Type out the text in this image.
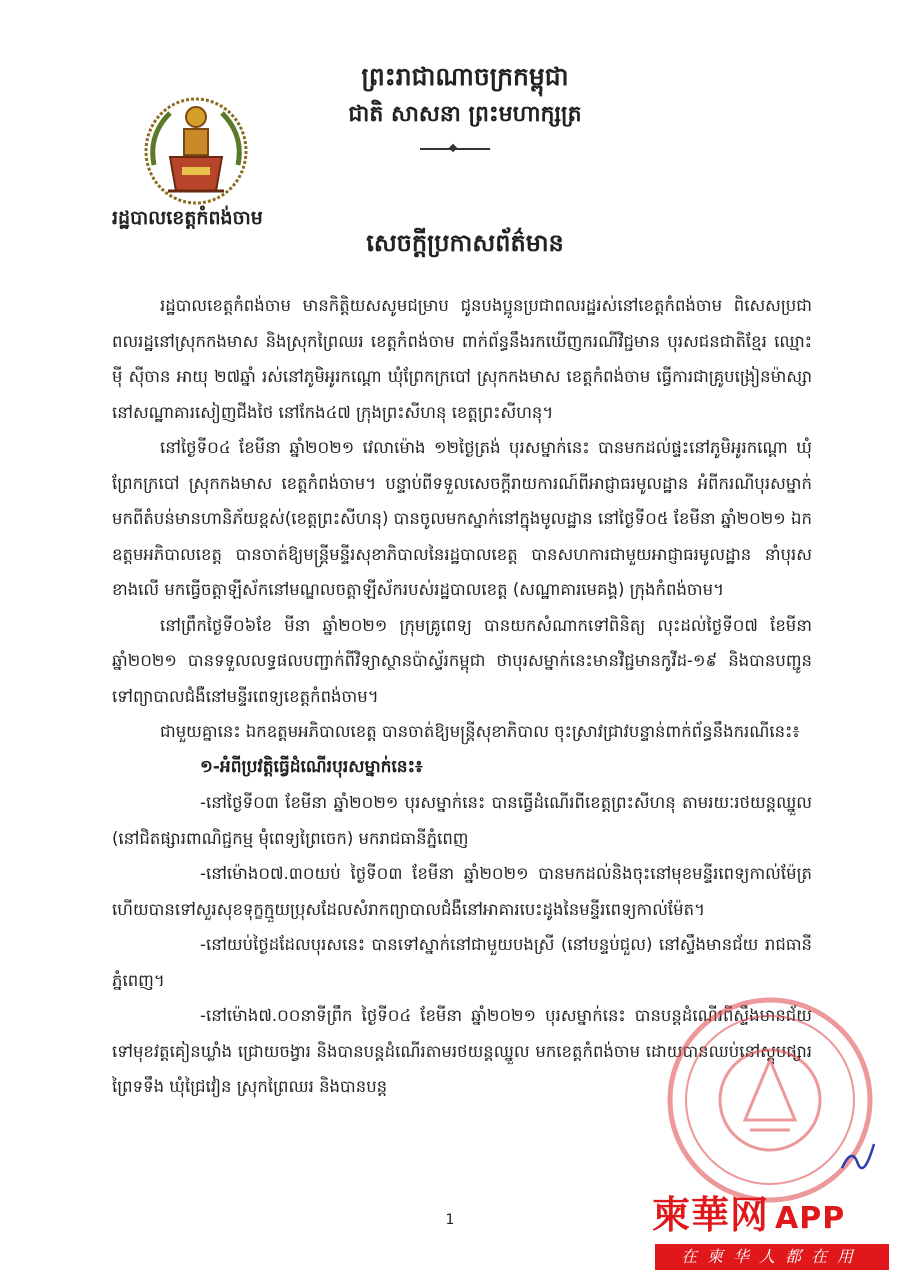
ព្រះរាជាណាចក្រកម្ពុជា
ជាតិ សាសនា ព្រះមហាក្សត្រ
រដ្ឋបាលខេត្តកំពង់ចាម
សេចក្តីប្រកាសព័ត៌មាន

រដ្ឋបាលខេត្តកំពង់ចាម មានកិត្តិយសសូមជម្រាប ជូនបងប្អូនប្រជាពលរដ្ឋរស់នៅខេត្តកំពង់ចាម ពិសេសប្រជាពលរដ្ឋនៅស្រុកកងមាស និងស្រុកព្រៃឈរ ខេត្តកំពង់ចាម ពាក់ព័ន្ធនឹងរកឃើញករណីវិជ្ជមាន បុរសជនជាតិខ្មែរ ឈ្មោះ ម៉ី ស៊ីចាន អាយុ ២៧ឆ្នាំ រស់នៅភូមិអូរកណ្ដោ ឃុំព្រែកក្របៅ ស្រុកកងមាស ខេត្តកំពង់ចាម ធ្វើការជាគ្រូបង្រៀនម៉ាស្សា នៅសណ្ឋាគារសៀញជីងថៃ នៅកែង៤៧ ក្រុងព្រះសីហនុ ខេត្តព្រះសីហនុ។

នៅថ្ងៃទី០៤ ខែមីនា ឆ្នាំ២០២១ វេលាម៉ោង ១២ថ្ងៃត្រង់ បុរសម្នាក់នេះ បានមកដល់ផ្ទះនៅភូមិអូរកណ្ដោ ឃុំព្រែកក្របៅ ស្រុកកងមាស ខេត្តកំពង់ចាម។ បន្ទាប់ពីទទួលសេចក្ដីរាយការណ៍ពីអាជ្ញាធរមូលដ្ឋាន អំពីករណីបុរសម្នាក់ មកពីតំបន់មានហានិភ័យខ្ពស់(ខេត្តព្រះសីហនុ) បានចូលមកស្នាក់នៅក្នុងមូលដ្ឋាន នៅថ្ងៃទី០៥ ខែមីនា ឆ្នាំ២០២១ ឯកឧត្តមអភិបាលខេត្ត បានចាត់ឱ្យមន្ត្រីមន្ទីរសុខាភិបាលនៃរដ្ឋបាលខេត្ត បានសហការជាមួយអាជ្ញាធរមូលដ្ឋាន នាំបុរសខាងលើ មកធ្វើចត្តាឡីស័កនៅមណ្ឌលចត្តាឡីស័ករបស់រដ្ឋបាលខេត្ត (សណ្ឋាគារមេគង្គ) ក្រុងកំពង់ចាម។

នៅព្រឹកថ្ងៃទី០៦ខែ មីនា ឆ្នាំ២០២១ ក្រុមគ្រូពេទ្យ បានយកសំណាកទៅពិនិត្យ លុះដល់ថ្ងៃទី០៧ ខែមីនា ឆ្នាំ២០២១ បានទទួលលទ្ធផលបញ្ជាក់ពីវិទ្យាស្ថានប៉ាស្ទ័រកម្ពុជា ថាបុរសម្នាក់នេះមានវិជ្ជមានកូវីដ-១៩ និងបានបញ្ជូនទៅព្យាបាលជំងឺនៅមន្ទីរពេទ្យខេត្តកំពង់ចាម។

ជាមួយគ្នានេះ ឯកឧត្តមអភិបាលខេត្ត បានចាត់ឱ្យមន្ត្រីសុខាភិបាល ចុះស្រាវជ្រាវបន្ទាន់ពាក់ព័ន្ធនឹងករណីនេះ៖

១-អំពីប្រវត្តិធ្វើដំណើរបុរសម្នាក់នេះ៖

-នៅថ្ងៃទី០៣ ខែមីនា ឆ្នាំ២០២១ បុរសម្នាក់នេះ បានធ្វើដំណើរពីខេត្តព្រះសីហនុ តាមរយៈរថយន្តឈ្នួល (នៅជិតផ្សារពាណិជ្ជកម្ម ម៉ុំពេទ្យព្រៃចេក) មករាជធានីភ្នំពេញ

-នៅម៉ោង០៧.៣០យប់ ថ្ងៃទី០៣ ខែមីនា ឆ្នាំ២០២១ បានមកដល់និងចុះនៅមុខមន្ទីរពេទ្យកាល់ម៉ែត្រ ហើយបានទៅសួរសុខទុក្ខក្មួយប្រុសដែលសំរាកព្យាបាលជំងឺនៅអាគារបេះដូងនៃមន្ទីរពេទ្យកាល់ម៉ែត។

-នៅយប់ថ្ងៃដដែលបុរសនេះ បានទៅស្នាក់នៅជាមួយបងស្រី (នៅបន្ទប់ជួល) នៅស្ទឹងមានជ័យ រាជធានីភ្នំពេញ។

-នៅម៉ោង៧.០០នាទីព្រឹក ថ្ងៃទី០៤ ខែមីនា ឆ្នាំ២០២១ បុរសម្នាក់នេះ បានបន្តដំណើរពីស្ទឹងមានជ័យ ទៅមុខវត្តគៀនឃ្លាំង ជ្រោយចង្វារ និងបានបន្តដំណើរតាមរថយន្តឈ្នួល មកខេត្តកំពង់ចាម ដោយបានឈប់នៅស្តុបផ្សារព្រៃទទឹង ឃុំជ្រៃវៀន ស្រុកព្រៃឈរ និងបានបន្ត

1	柬華网 APP
在柬华人都在用
